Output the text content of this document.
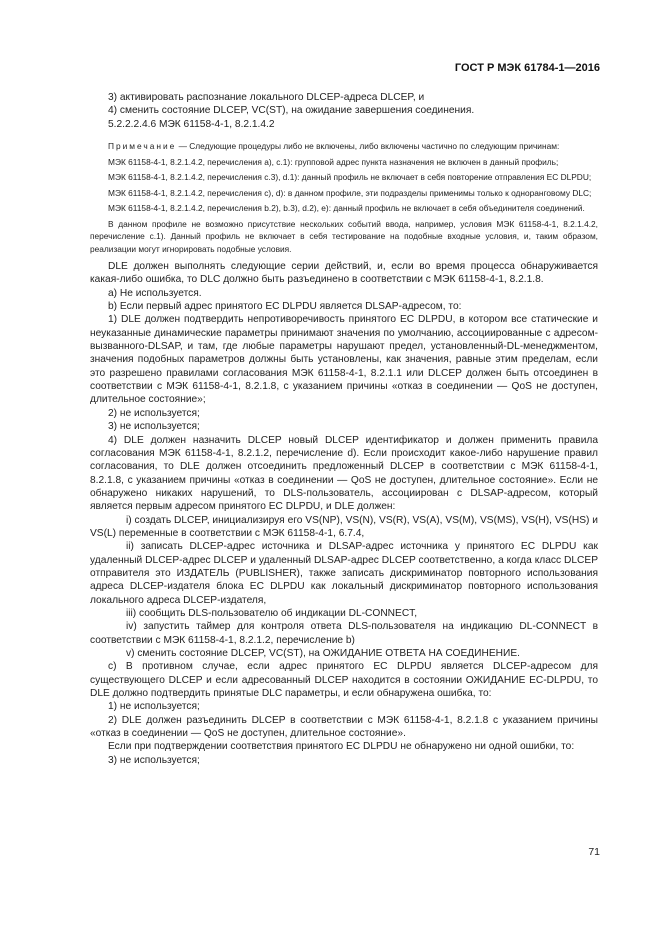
ГОСТ Р МЭК 61784-1—2016
3) активировать распознание локального DLCEP-адреса DLCEP, и
4) сменить состояние DLCEP, VC(ST), на ожидание завершения соединения.
5.2.2.2.4.6 МЭК 61158-4-1, 8.2.1.4.2
Примечание — Следующие процедуры либо не включены, либо включены частично по следующим причинам:
МЭК 61158-4-1, 8.2.1.4.2, перечисления а), с.1): групповой адрес пункта назначения не включен в данный профиль;
МЭК 61158-4-1, 8.2.1.4.2, перечисления с.3), d.1): данный профиль не включает в себя повторение отправления EC DLPDU;
МЭК 61158-4-1, 8.2.1.4.2, перечисления с), d): в данном профиле, эти подразделы применимы только к одноранговому DLC;
МЭК 61158-4-1, 8.2.1.4.2, перечисления b.2), b.3), d.2), e): данный профиль не включает в себя объединителя соединений.
В данном профиле не возможно присутствие нескольких событий ввода, например, условия МЭК 61158-4-1, 8.2.1.4.2, перечисление с.1). Данный профиль не включает в себя тестирование на подобные входные условия, и, таким образом, реализации могут игнорировать подобные условия.
DLE должен выполнять следующие серии действий, и, если во время процесса обнаруживается какая-либо ошибка, то DLC должно быть разъединено в соответствии с МЭК 61158-4-1, 8.2.1.8.
а) Не используется.
b) Если первый адрес принятого EC DLPDU является DLSAP-адресом, то:
1) DLE должен подтвердить непротиворечивость принятого EC DLPDU, в котором все статические и неуказанные динамические параметры принимают значения по умолчанию, ассоциированные с адресом-вызванного-DLSAP, и там, где любые параметры нарушают предел, установленный-DL-менеджментом, значения подобных параметров должны быть установлены, как значения, равные этим пределам, если это разрешено правилами согласования МЭК 61158-4-1, 8.2.1.1 или DLCEP должен быть отсоединен в соответствии с МЭК 61158-4-1, 8.2.1.8, с указанием причины «отказ в соединении — QoS не доступен, длительное состояние»;
2) не используется;
3) не используется;
4) DLE должен назначить DLCEP новый DLCEP идентификатор и должен применить правила согласования МЭК 61158-4-1, 8.2.1.2, перечисление d). Если происходит какое-либо нарушение правил согласования, то DLE должен отсоединить предложенный DLCEP в соответствии с МЭК 61158-4-1, 8.2.1.8, с указанием причины «отказ в соединении — QoS не доступен, длительное состояние». Если не обнаружено никаких нарушений, то DLS-пользователь, ассоциирован с DLSAP-адресом, который является первым адресом принятого EC DLPDU, и DLE должен:
i) создать DLCEP, инициализируя его VS(NP), VS(N), VS(R), VS(A), VS(M), VS(MS), VS(H), VS(HS) и VS(L) переменные в соответствии с МЭК 61158-4-1, 6.7.4,
ii) записать DLCEP-адрес источника и DLSAP-адрес источника у принятого EC DLPDU как удаленный DLCEP-адрес DLCEP и удаленный DLSAP-адрес DLCEP соответственно, а когда класс DLCEP отправителя это ИЗДАТЕЛЬ (PUBLISHER), также записать дискриминатор повторного использования адреса DLCEP-издателя блока EC DLPDU как локальный дискриминатор повторного использования локального адреса DLCEP-издателя,
iii) сообщить DLS-пользователю об индикации DL-CONNECT,
iv) запустить таймер для контроля ответа DLS-пользователя на индикацию DL-CONNECT в соответствии с МЭК 61158-4-1, 8.2.1.2, перечисление b)
v) сменить состояние DLCEP, VC(ST), на ОЖИДАНИЕ ОТВЕТА НА СОЕДИНЕНИЕ.
с) В противном случае, если адрес принятого EC DLPDU является DLCEP-адресом для существующего DLCEP и если адресованный DLCEP находится в состоянии ОЖИДАНИЕ EC-DLPDU, то DLE должно подтвердить принятые DLC параметры, и если обнаружена ошибка, то:
1) не используется;
2) DLE должен разъединить DLCEP в соответствии с МЭК 61158-4-1, 8.2.1.8 с указанием причины «отказ в соединении — QoS не доступен, длительное состояние».
Если при подтверждении соответствия принятого EC DLPDU не обнаружено ни одной ошибки, то:
3) не используется;
71
